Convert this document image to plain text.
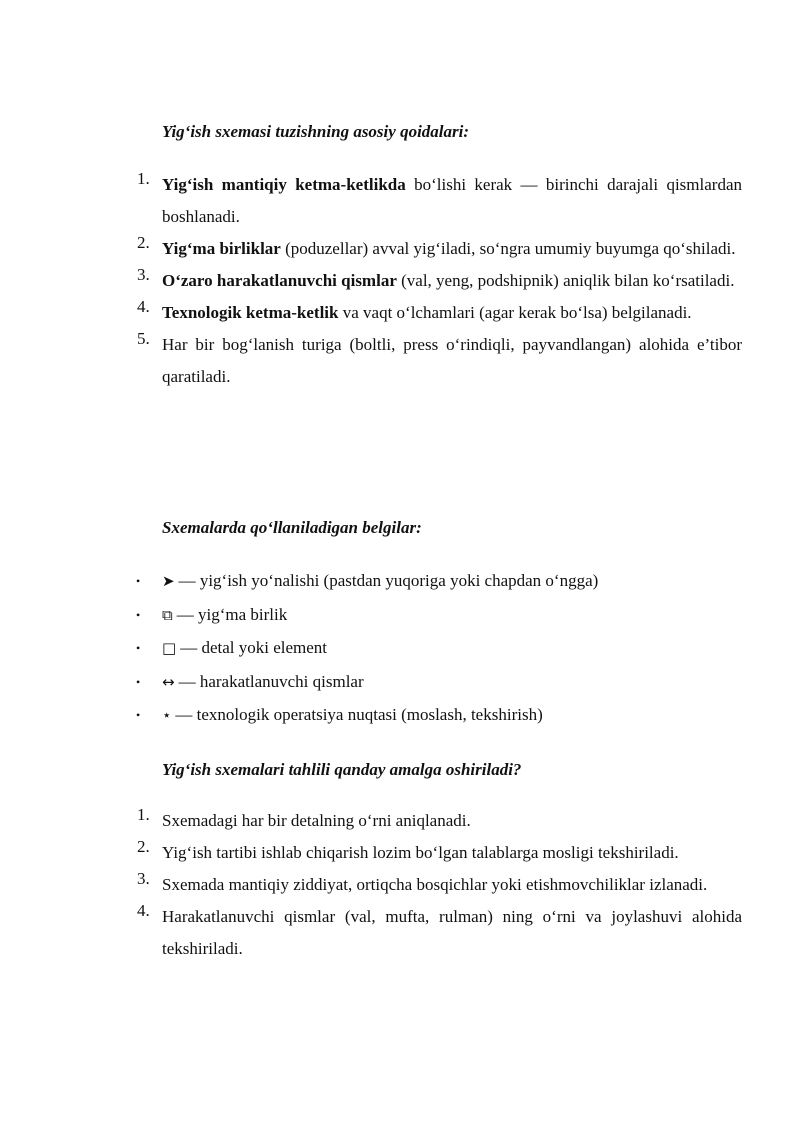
Yig‘ish sxemasi tuzishning asosiy qoidalari:

1. Yig‘ish mantiqiy ketma-ketlikda bo‘lishi kerak — birinchi darajali qismlardan boshlanadi.
2. Yig‘ma birliklar (poduzellar) avval yig‘iladi, so‘ngra umumiy buyumga qo‘shiladi.
3. O‘zaro harakatlanuvchi qismlar (val, yeng, podshipnik) aniqlik bilan ko‘rsatiladi.
4. Texnologik ketma-ketlik va vaqt o‘lchamlari (agar kerak bo‘lsa) belgilanadi.
5. Har bir bog‘lanish turiga (boltli, press o‘rindiqli, payvandlangan) alohida e’tibor qaratiladi.

Sxemalarda qo‘llaniladigan belgilar:

• ➤ — yig‘ish yo‘nalishi (pastdan yuqoriga yoki chapdan o‘ngga)
• ⧉ — yig‘ma birlik
• □ — detal yoki element
• ↔ — harakatlanuvchi qismlar
• ⋆ — texnologik operatsiya nuqtasi (moslash, tekshirish)

Yig‘ish sxemalari tahlili qanday amalga oshiriladi?

1. Sxemadagi har bir detalning o‘rni aniqlanadi.
2. Yig‘ish tartibi ishlab chiqarish lozim bo‘lgan talablarga mosligi tekshiriladi.
3. Sxemada mantiqiy ziddiyat, ortiqcha bosqichlar yoki etishmovchiliklar izlanadi.
4. Harakatlanuvchi qismlar (val, mufta, rulman) ning o‘rni va joylashuvi alohida tekshiriladi.
